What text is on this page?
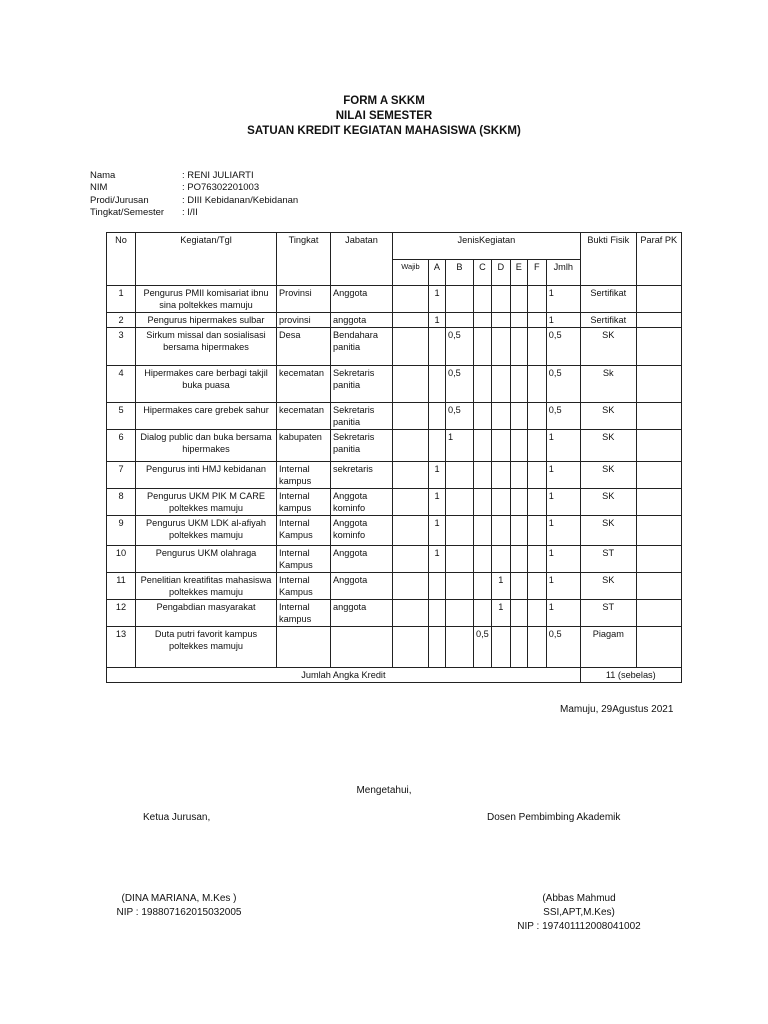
FORM A SKKM
NILAI SEMESTER
SATUAN KREDIT KEGIATAN MAHASISWA (SKKM)
Nama	: RENI JULIARTI
NIM	: PO76302201003
Prodi/Jurusan	: DIII Kebidanan/Kebidanan
Tingkat/Semester	: I/II
No	Kegiatan/Tgl	Tingkat	Jabatan	JenisKegiatan								Bukti Fisik	Paraf PK
				Wajib	A	B	C	D	E	F	Jmlh		
1	Pengurus PMII komisariat ibnu sina poltekkes mamuju	Provinsi	Anggota		1						1	Sertifikat	
2	Pengurus hipermakes sulbar	provinsi	anggota		1						1	Sertifikat	
3	Sirkum missal dan sosialisasi bersama hipermakes	Desa	Bendahara panitia			0,5					0,5	SK	
4	Hipermakes care berbagi takjil buka puasa	kecematan	Sekretaris panitia			0,5					0,5	Sk	
5	Hipermakes care grebek sahur	kecematan	Sekretaris panitia			0,5					0,5	SK	
6	Dialog public dan buka bersama hipermakes	kabupaten	Sekretaris panitia			1					1	SK	
7	Pengurus inti HMJ kebidanan	Internal kampus	sekretaris		1						1	SK	
8	Pengurus UKM PIK M CARE poltekkes mamuju	Internal kampus	Anggota kominfo		1						1	SK	
9	Pengurus UKM LDK al-afiyah poltekkes mamuju	Internal Kampus	Anggota kominfo		1						1	SK	
10	Pengurus UKM olahraga	Internal Kampus	Anggota		1						1	ST	
11	Penelitian kreatifitas mahasiswa poltekkes mamuju	Internal Kampus	Anggota					1			1	SK	
12	Pengabdian masyarakat	Internal kampus	anggota					1			1	ST	
13	Duta putri favorit kampus poltekkes mamuju						0,5				0,5	Piagam	
Jumlah Angka Kredit												11 (sebelas)	
Mamuju, 29Agustus 2021
Mengetahui,
Ketua Jurusan,	Dosen Pembimbing Akademik
(DINA MARIANA, M.Kes )
NIP : 198807162015032005
(Abbas Mahmud SSI,APT,M.Kes)
NIP : 197401112008041002
